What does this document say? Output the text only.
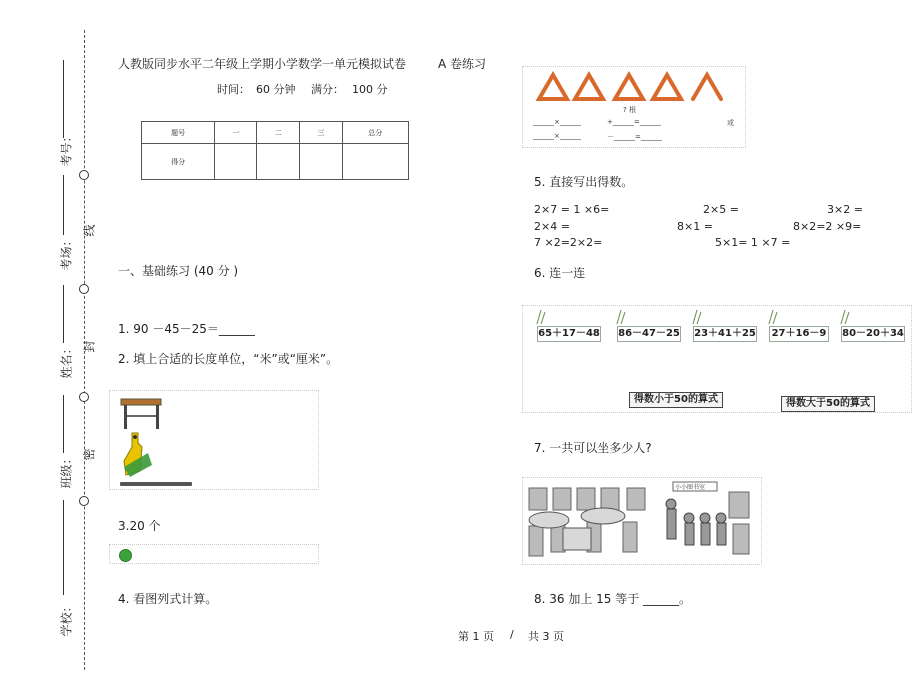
考号：
考场：
姓名：
班级：
学校：
线
封
密
人教版同步水平二年级上学期小学数学一单元模拟试卷	A 卷练习
时间： 60 分钟 满分： 100 分
题号	一	二	三	总分
得分				
一、基础练习 (40 分 )
1. 90 －45－25＝______
2. 填上合适的长度单位，“米”或“厘米”。
3.20 个
4. 看图列式计算。
? 根
______×______	+______=______	或
______×______	－______=______
5. 直接写出得数。
2×7 = 1 ×6=	2×5 =	3×2 =
2×4 =	8×1 =	8×2=2 ×9=
7 ×2=2×2=	5×1= 1 ×7 =
6. 连一连
65＋17－48 86－47－25 23＋41＋25 27＋16－9 80－20＋34
得数小于50的算式	得数大于50的算式
7. 一共可以坐多少人?
小小图书室
8. 36 加上 15 等于 ______。
第 1 页 / 共 3 页
